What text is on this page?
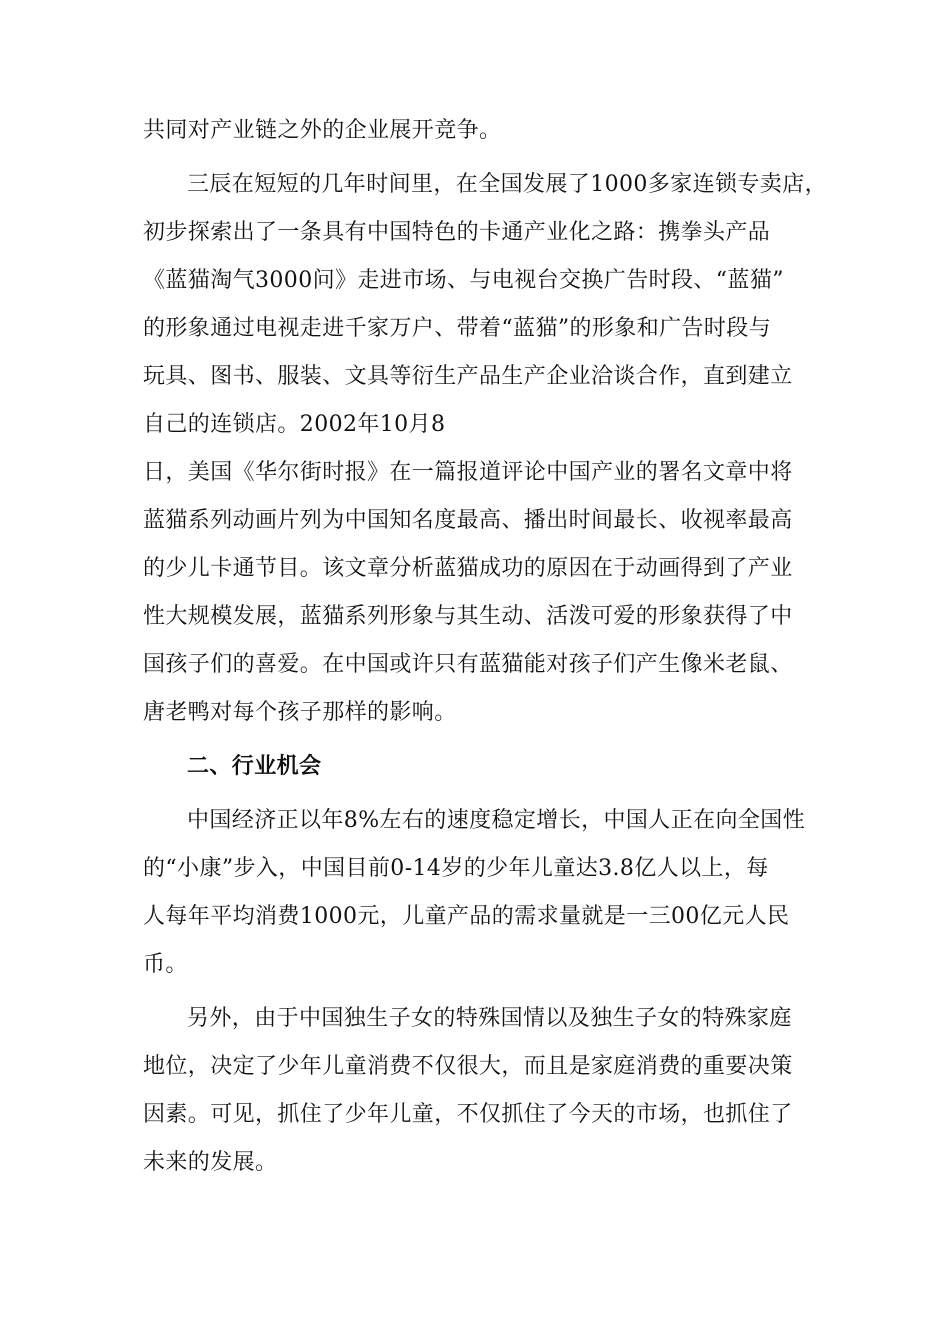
共同对产业链之外的企业展开竞争。
三辰在短短的几年时间里，在全国发展了1000多家连锁专卖店，
初步探索出了一条具有中国特色的卡通产业化之路：携拳头产品
《蓝猫淘气3000问》走进市场、与电视台交换广告时段、“蓝猫”
的形象通过电视走进千家万户、带着“蓝猫”的形象和广告时段与
玩具、图书、服装、文具等衍生产品生产企业洽谈合作，直到建立
自己的连锁店。2002年10月8
日，美国《华尔街时报》在一篇报道评论中国产业的署名文章中将
蓝猫系列动画片列为中国知名度最高、播出时间最长、收视率最高
的少儿卡通节目。该文章分析蓝猫成功的原因在于动画得到了产业
性大规模发展，蓝猫系列形象与其生动、活泼可爱的形象获得了中
国孩子们的喜爱。在中国或许只有蓝猫能对孩子们产生像米老鼠、
唐老鸭对每个孩子那样的影响。
二、行业机会
中国经济正以年8%左右的速度稳定增长，中国人正在向全国性
的“小康”步入，中国目前0-14岁的少年儿童达3.8亿人以上，每
人每年平均消费1000元，儿童产品的需求量就是一三00亿元人民
币。
另外，由于中国独生子女的特殊国情以及独生子女的特殊家庭
地位，决定了少年儿童消费不仅很大，而且是家庭消费的重要决策
因素。可见，抓住了少年儿童，不仅抓住了今天的市场，也抓住了
未来的发展。
